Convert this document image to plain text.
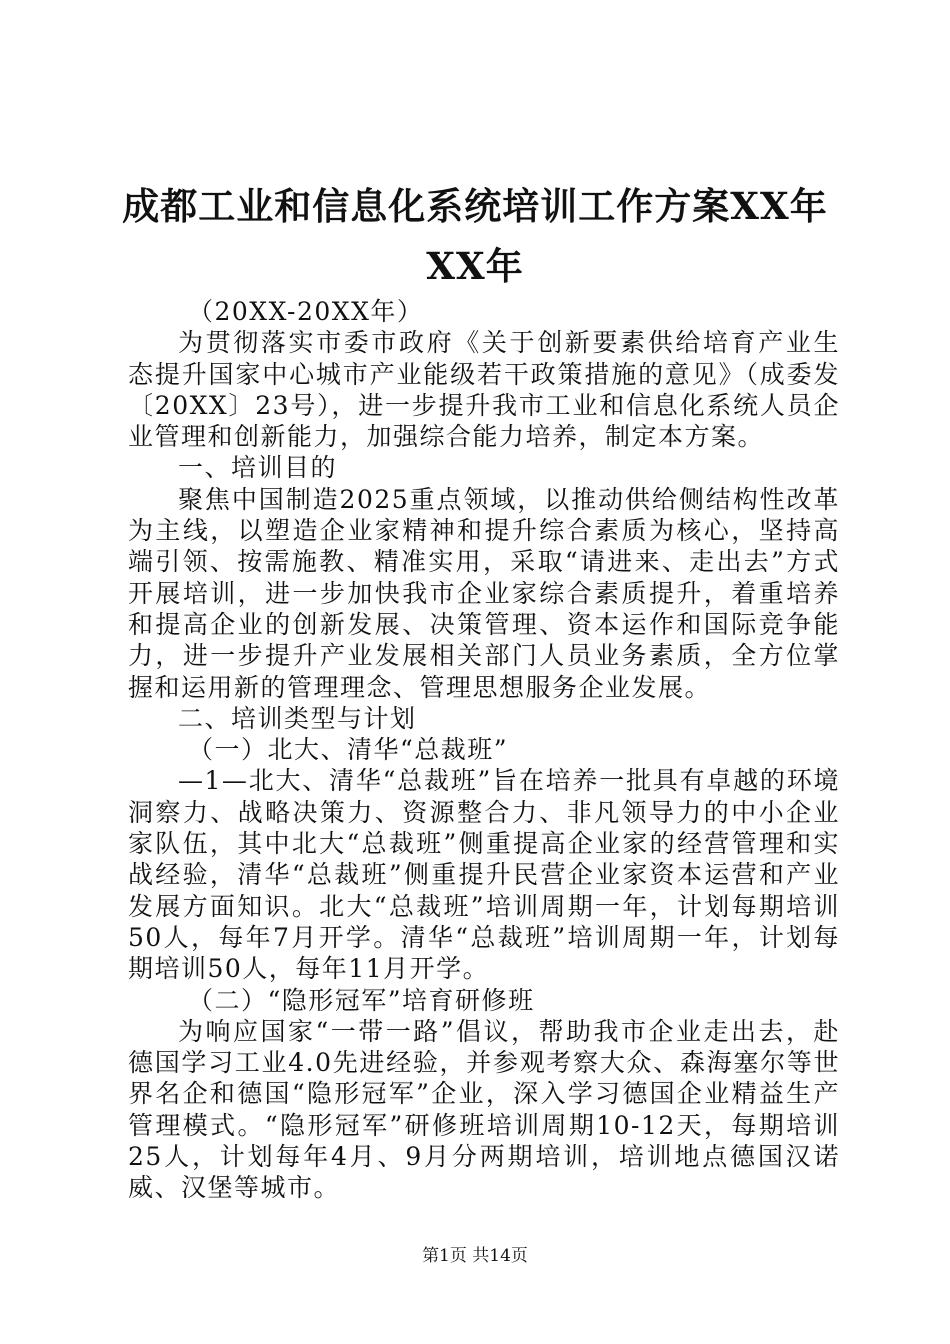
成都工业和信息化系统培训工作方案XX年XX年

（20XX-20XX年）

为贯彻落实市委市政府《关于创新要素供给培育产业生态提升国家中心城市产业能级若干政策措施的意见》（成委发〔20XX〕23号），进一步提升我市工业和信息化系统人员企业管理和创新能力，加强综合能力培养，制定本方案。

一、培训目的

聚焦中国制造2025重点领域，以推动供给侧结构性改革为主线，以塑造企业家精神和提升综合素质为核心，坚持高端引领、按需施教、精准实用，采取“请进来、走出去”方式开展培训，进一步加快我市企业家综合素质提升，着重培养和提高企业的创新发展、决策管理、资本运作和国际竞争能力，进一步提升产业发展相关部门人员业务素质，全方位掌握和运用新的管理理念、管理思想服务企业发展。

二、培训类型与计划

（一）北大、清华“总裁班”

—1—北大、清华“总裁班”旨在培养一批具有卓越的环境洞察力、战略决策力、资源整合力、非凡领导力的中小企业家队伍，其中北大“总裁班”侧重提高企业家的经营管理和实战经验，清华“总裁班”侧重提升民营企业家资本运营和产业发展方面知识。北大“总裁班”培训周期一年，计划每期培训50人，每年7月开学。清华“总裁班”培训周期一年，计划每期培训50人，每年11月开学。

（二）“隐形冠军”培育研修班

为响应国家“一带一路”倡议，帮助我市企业走出去，赴德国学习工业4.0先进经验，并参观考察大众、森海塞尔等世界名企和德国“隐形冠军”企业，深入学习德国企业精益生产管理模式。“隐形冠军”研修班培训周期10-12天，每期培训25人，计划每年4月、9月分两期培训，培训地点德国汉诺威、汉堡等城市。

第1页 共14页
